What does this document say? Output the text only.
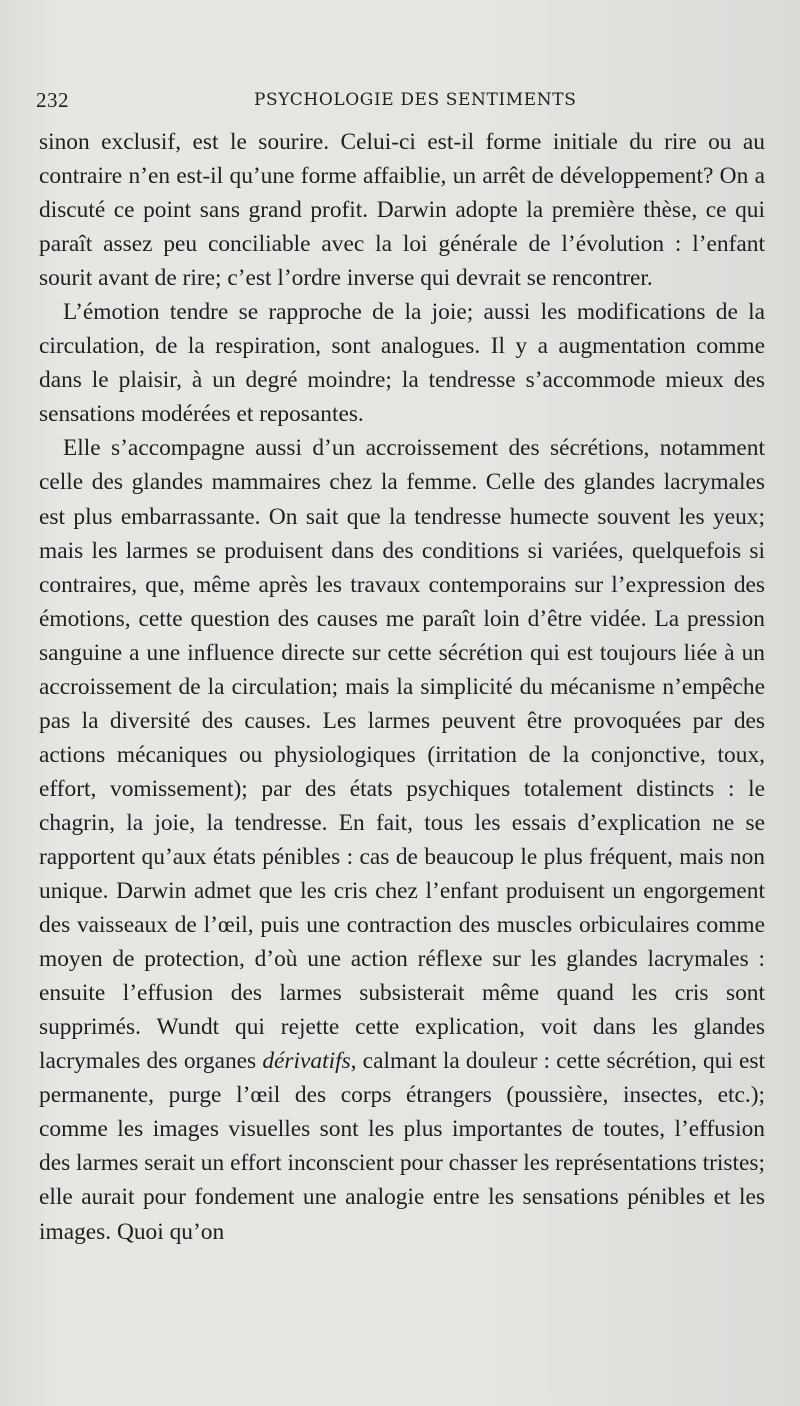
232	PSYCHOLOGIE DES SENTIMENTS

sinon exclusif, est le sourire. Celui-ci est-il forme initiale du rire ou au contraire n’en est-il qu’une forme affaiblie, un arrêt de développement? On a discuté ce point sans grand profit. Darwin adopte la première thèse, ce qui paraît assez peu conciliable avec la loi générale de l’évolution : l’enfant sourit avant de rire; c’est l’ordre inverse qui devrait se rencontrer.

L’émotion tendre se rapproche de la joie; aussi les modifications de la circulation, de la respiration, sont analogues. Il y a augmentation comme dans le plaisir, à un degré moindre; la tendresse s’accommode mieux des sensations modérées et reposantes.

Elle s’accompagne aussi d’un accroissement des sécrétions, notamment celle des glandes mammaires chez la femme. Celle des glandes lacrymales est plus embarrassante. On sait que la tendresse humecte souvent les yeux; mais les larmes se produisent dans des conditions si variées, quelquefois si contraires, que, même après les travaux contemporains sur l’expression des émotions, cette question des causes me paraît loin d’être vidée. La pression sanguine a une influence directe sur cette sécrétion qui est toujours liée à un accroissement de la circulation; mais la simplicité du mécanisme n’empêche pas la diversité des causes. Les larmes peuvent être provoquées par des actions mécaniques ou physiologiques (irritation de la conjonctive, toux, effort, vomissement); par des états psychiques totalement distincts : le chagrin, la joie, la tendresse. En fait, tous les essais d’explication ne se rapportent qu’aux états pénibles : cas de beaucoup le plus fréquent, mais non unique. Darwin admet que les cris chez l’enfant produisent un engorgement des vaisseaux de l’œil, puis une contraction des muscles orbiculaires comme moyen de protection, d’où une action réflexe sur les glandes lacrymales : ensuite l’effusion des larmes subsisterait même quand les cris sont supprimés. Wundt qui rejette cette explication, voit dans les glandes lacrymales des organes dérivatifs, calmant la douleur : cette sécrétion, qui est permanente, purge l’œil des corps étrangers (poussière, insectes, etc.); comme les images visuelles sont les plus importantes de toutes, l’effusion des larmes serait un effort inconscient pour chasser les représentations tristes; elle aurait pour fondement une analogie entre les sensations pénibles et les images. Quoi qu’on
